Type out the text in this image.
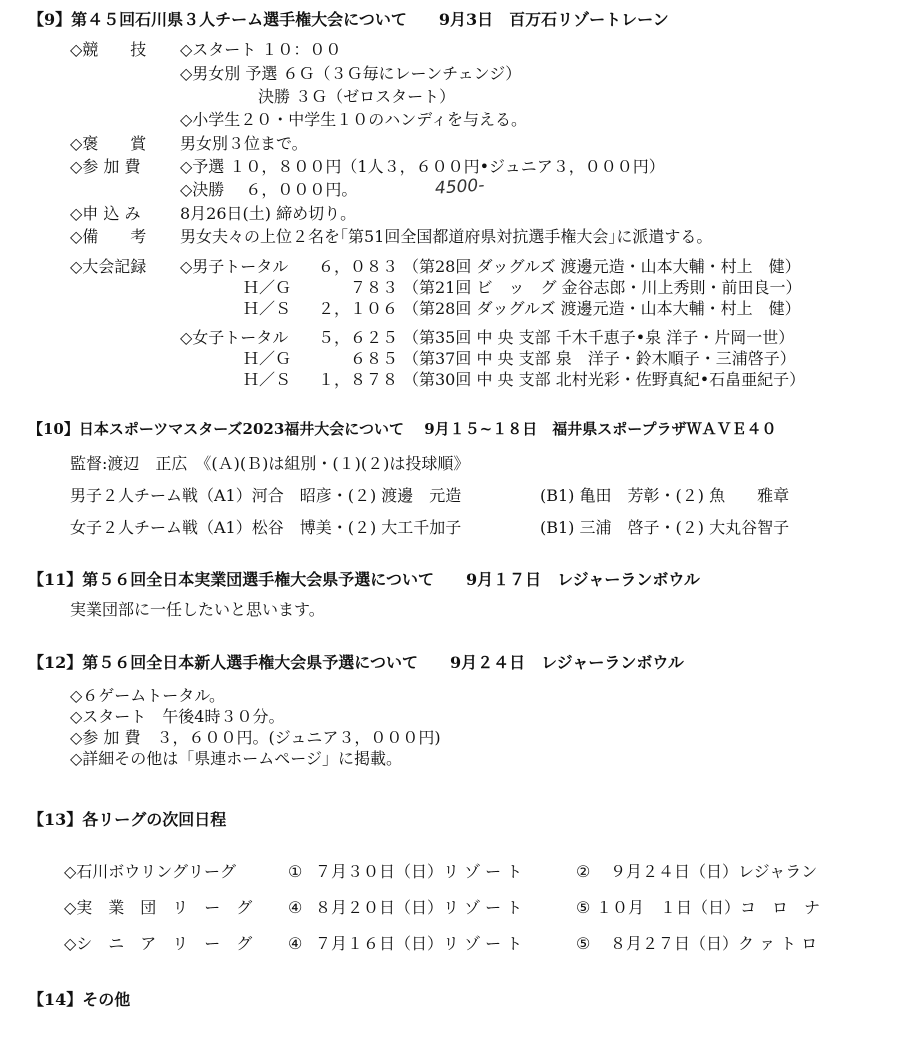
【9】第４５回石川県３人チーム選手権大会について　　9月3日　百万石リゾートレーン
◇競　　技 ◇スタート １０：００
◇男女別 予選 ６Ｇ（３Ｇ毎にレーンチェンジ）
決勝 ３Ｇ（ゼロスタート）
◇小学生２０・中学生１０のハンディを与える。
◇褒　　賞 男女別３位まで。
◇参 加 費 ◇予選 １０，８００円（1人３，６００円•ジュニア３，０００円）
◇決勝　 ６，０００円。	4500-
◇申 込 み 8月26日(土) 締め切り。
◇備　　考 男女夫々の上位２名を｢第51回全国都道府県対抗選手権大会｣に派遣する。
◇大会記録 ◇男子トータル ６，０８３ （第28回 ダッグルズ 渡邊元造・山本大輔・村上　健）
Ｈ／Ｇ	７８３ （第21回 ビ　ッ　グ 金谷志郎・川上秀則・前田良一）
Ｈ／Ｓ ２，１０６ （第28回 ダッグルズ 渡邊元造・山本大輔・村上　健）
◇女子トータル ５，６２５ （第35回 中 央 支部 千木千恵子•泉 洋子・片岡一世）
Ｈ／Ｇ	６８５ （第37回 中 央 支部 泉　洋子・鈴木順子・三浦啓子）
Ｈ／Ｓ １，８７８ （第30回 中 央 支部 北村光彩・佐野真紀•石畠亜紀子）
【10】日本スポーツマスターズ2023福井大会について　 9月１５~１８日　福井県スポープラザＷＡＶＥ４０
監督:渡辺　正広　《(Ａ)(Ｂ)は組別・(１)(２)は投球順》
男子２人チーム戦（A1）河合　昭彦・(２) 渡邊　元造	(B1) 亀田　芳彰・(２) 魚　　雅章
女子２人チーム戦（A1）松谷　博美・(２) 大工千加子	(B1) 三浦　啓子・(２) 大丸谷智子
【11】第５６回全日本実業団選手権大会県予選について　　9月１７日　レジャーランボウル
実業団部に一任したいと思います。
【12】第５６回全日本新人選手権大会県予選について　　9月２４日　レジャーランボウル
◇６ゲームトータル。
◇スタート　午後4時３０分。
◇参 加 費　３，６００円。(ジュニア３，０００円)
◇詳細その他は「県連ホームページ」に掲載。
【13】各リーグの次回日程
◇石川ボウリングリーグ	① ７月３０日（日）リ ゾ ー ト	② ９月２４日（日）レジャラン
◇実　業　団　リ　ー　グ ④ ８月２０日（日）リ ゾ ー ト	⑤ １０月　１日（日）コ　ロ　ナ
◇シ　ニ　ア　リ　ー　グ ④ ７月１６日（日）リ ゾ ー ト	⑤ ８月２７日（日）ク ァ ト ロ
【14】その他
